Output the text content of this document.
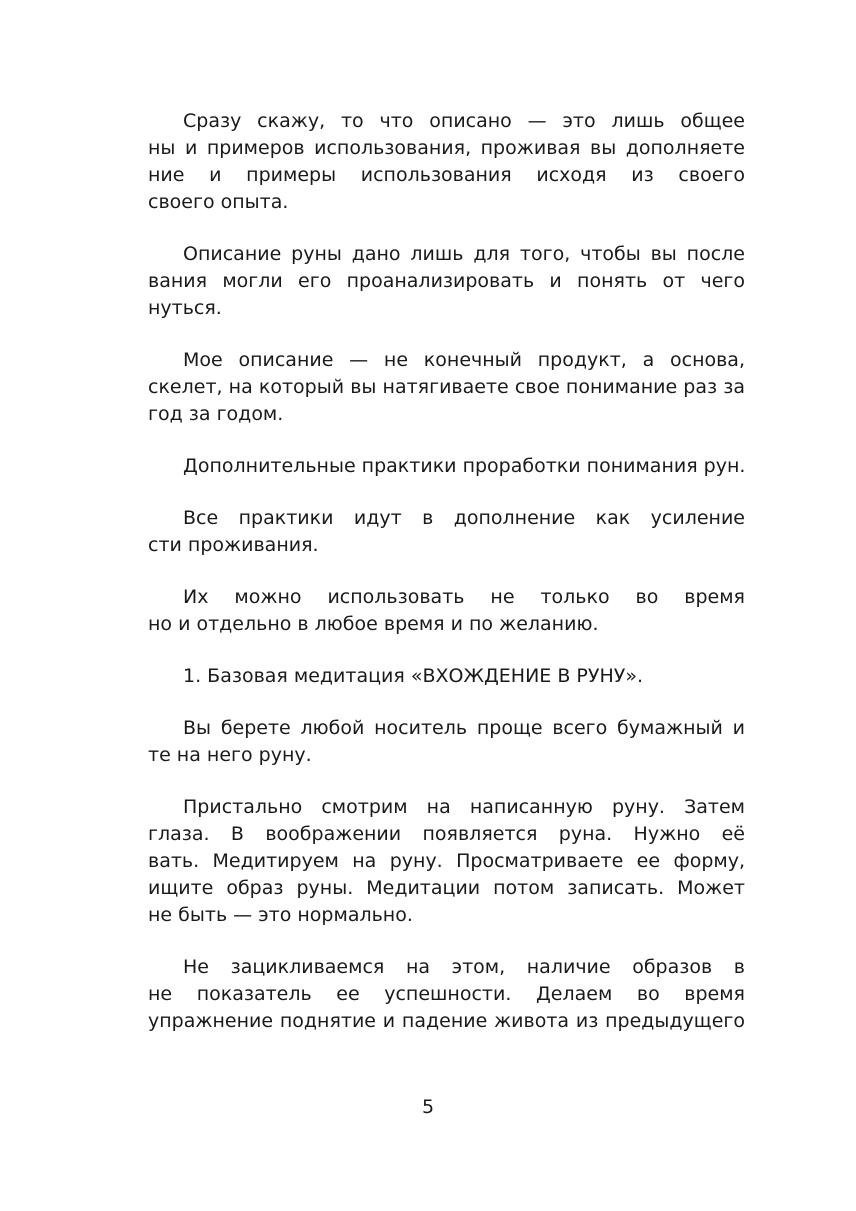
Сразу скажу, то что описано — это лишь общее
ны и примеров использования, проживая вы дополняете
ние и примеры использования исходя из своего
своего опыта.

Описание руны дано лишь для того, чтобы вы после
вания могли его проанализировать и понять от чего
нуться.

Мое описание — не конечный продукт, а основа,
скелет, на который вы натягиваете свое понимание раз за
год за годом.

Дополнительные практики проработки понимания рун.

Все практики идут в дополнение как усиление
сти проживания.

Их можно использовать не только во время
но и отдельно в любое время и по желанию.

1. Базовая медитация «ВХОЖДЕНИЕ В РУНУ».

Вы берете любой носитель проще всего бумажный и
те на него руну.

Пристально смотрим на написанную руну. Затем
глаза. В воображении появляется руна. Нужно её
вать. Медитируем на руну. Просматриваете ее форму,
ищите образ руны. Медитации потом записать. Может
не быть — это нормально.

Не зацикливаемся на этом, наличие образов в
не показатель ее успешности. Делаем во время
упражнение поднятие и падение живота из предыдущего

5
